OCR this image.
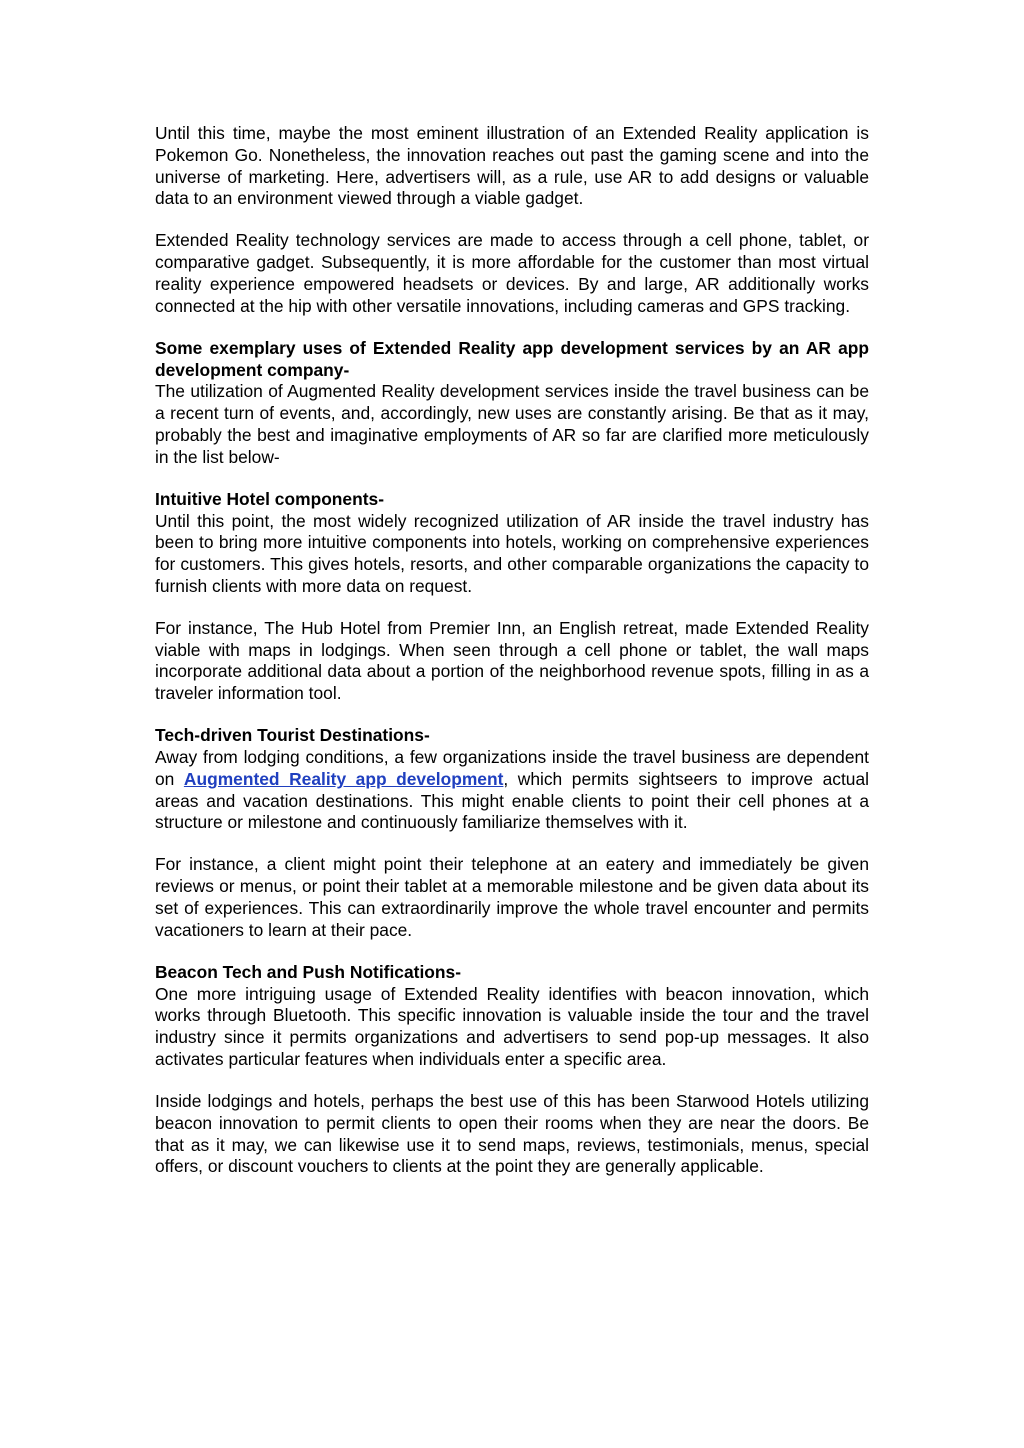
Until this time, maybe the most eminent illustration of an Extended Reality application is Pokemon Go. Nonetheless, the innovation reaches out past the gaming scene and into the universe of marketing. Here, advertisers will, as a rule, use AR to add designs or valuable data to an environment viewed through a viable gadget.

Extended Reality technology services are made to access through a cell phone, tablet, or comparative gadget. Subsequently, it is more affordable for the customer than most virtual reality experience empowered headsets or devices. By and large, AR additionally works connected at the hip with other versatile innovations, including cameras and GPS tracking.

Some exemplary uses of Extended Reality app development services by an AR app development company-

The utilization of Augmented Reality development services inside the travel business can be a recent turn of events, and, accordingly, new uses are constantly arising. Be that as it may, probably the best and imaginative employments of AR so far are clarified more meticulously in the list below-

Intuitive Hotel components-

Until this point, the most widely recognized utilization of AR inside the travel industry has been to bring more intuitive components into hotels, working on comprehensive experiences for customers. This gives hotels, resorts, and other comparable organizations the capacity to furnish clients with more data on request.

For instance, The Hub Hotel from Premier Inn, an English retreat, made Extended Reality viable with maps in lodgings. When seen through a cell phone or tablet, the wall maps incorporate additional data about a portion of the neighborhood revenue spots, filling in as a traveler information tool.

Tech-driven Tourist Destinations-

Away from lodging conditions, a few organizations inside the travel business are dependent on Augmented Reality app development, which permits sightseers to improve actual areas and vacation destinations. This might enable clients to point their cell phones at a structure or milestone and continuously familiarize themselves with it.

For instance, a client might point their telephone at an eatery and immediately be given reviews or menus, or point their tablet at a memorable milestone and be given data about its set of experiences. This can extraordinarily improve the whole travel encounter and permits vacationers to learn at their pace.

Beacon Tech and Push Notifications-

One more intriguing usage of Extended Reality identifies with beacon innovation, which works through Bluetooth. This specific innovation is valuable inside the tour and the travel industry since it permits organizations and advertisers to send pop-up messages. It also activates particular features when individuals enter a specific area.

Inside lodgings and hotels, perhaps the best use of this has been Starwood Hotels utilizing beacon innovation to permit clients to open their rooms when they are near the doors. Be that as it may, we can likewise use it to send maps, reviews, testimonials, menus, special offers, or discount vouchers to clients at the point they are generally applicable.
